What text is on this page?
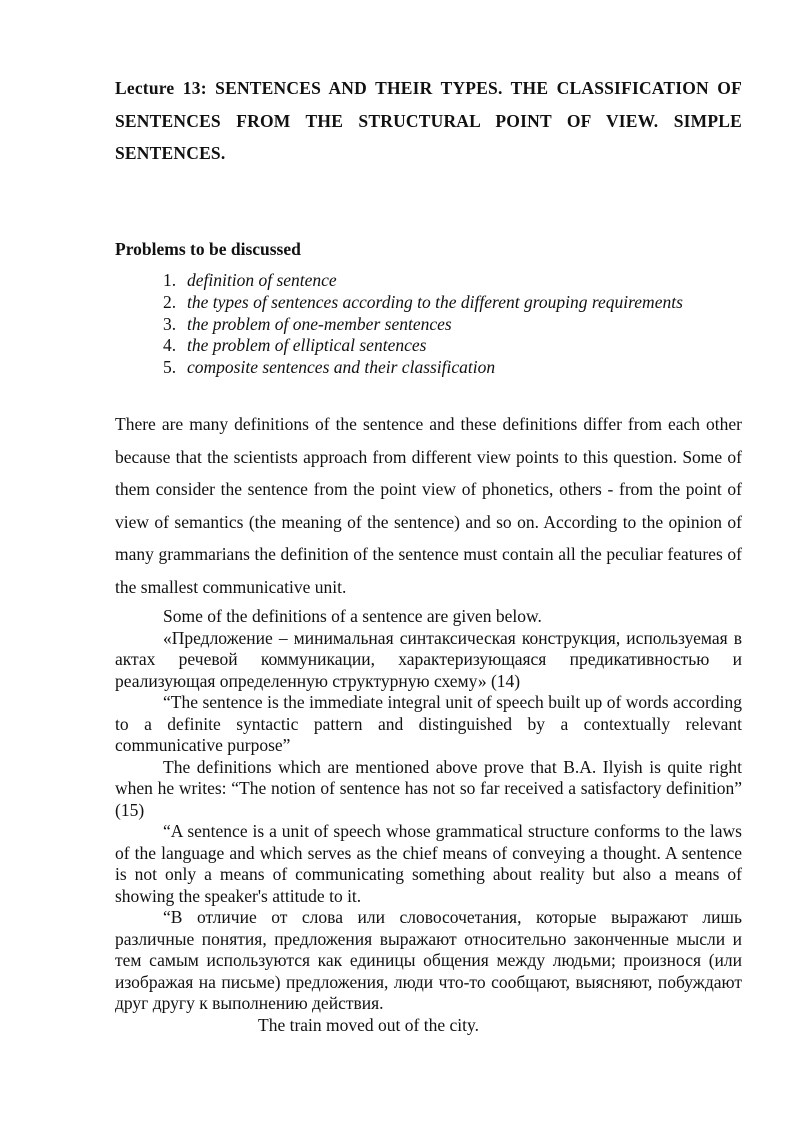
Lecture 13: SENTENCES AND THEIR TYPES. THE CLASSIFICATION OF SENTENCES FROM THE STRUCTURAL POINT OF VIEW. SIMPLE SENTENCES.
Problems to be discussed
1. definition of sentence
2. the types of sentences according to the different grouping requirements
3. the problem of one-member sentences
4. the problem of elliptical sentences
5. composite sentences and their classification

There are many definitions of the sentence and these definitions differ from each other because that the scientists approach from different view points to this question. Some of them consider the sentence from the point view of phonetics, others - from the point of view of semantics (the meaning of the sentence) and so on. According to the opinion of many grammarians the definition of the sentence must contain all the peculiar features of the smallest communicative unit.

Some of the definitions of a sentence are given below.

«Предложение – минимальная синтаксическая конструкция, используемая в актах речевой коммуникации, характеризующаяся предикативностью и реализующая определенную структурную схему» (14)

“The sentence is the immediate integral unit of speech built up of words according to a definite syntactic pattern and distinguished by a contextually relevant communicative purpose”

The definitions which are mentioned above prove that B.A. Ilyish is quite right when he writes: “The notion of sentence has not so far received a satisfactory definition” (15)

“A sentence is a unit of speech whose grammatical structure conforms to the laws of the language and which serves as the chief means of conveying a thought. A sentence is not only a means of communicating something about reality but also a means of showing the speaker's attitude to it.

“В отличие от слова или словосочетания, которые выражают лишь различные понятия, предложения выражают относительно законченные мысли и тем самым используются как единицы общения между людьми; произнося (или изображая на письме) предложения, люди что-то сообщают, выясняют, побуждают друг другу к выполнению действия.

The train moved out of the city.
